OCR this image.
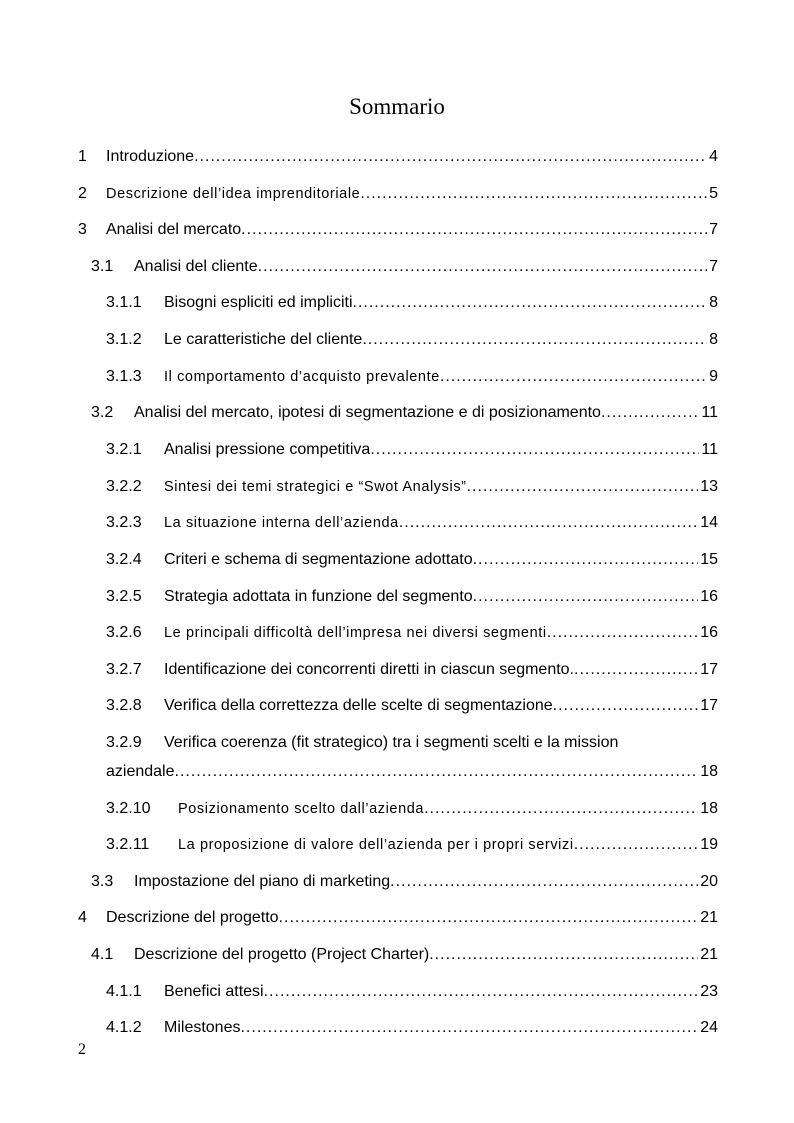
Sommario
1 Introduzione .....	4
2 Descrizione dell’idea imprenditoriale .....	5
3 Analisi del mercato .....	7
3.1 Analisi del cliente .....	7
3.1.1 Bisogni espliciti ed impliciti .....	8
3.1.2 Le caratteristiche del cliente .....	8
3.1.3 Il comportamento d’acquisto prevalente .....	9
3.2 Analisi del mercato, ipotesi di segmentazione e di posizionamento .....	11
3.2.1 Analisi pressione competitiva .....	11
3.2.2 Sintesi dei temi strategici e “Swot Analysis” .....	13
3.2.3 La situazione interna dell’azienda .....	14
3.2.4 Criteri e schema di segmentazione adottato .....	15
3.2.5 Strategia adottata in funzione del segmento .....	16
3.2.6 Le principali difficoltà dell’impresa nei diversi segmenti .....	16
3.2.7 Identificazione dei concorrenti diretti in ciascun segmento. .....	17
3.2.8 Verifica della correttezza delle scelte di segmentazione .....	17
3.2.9 Verifica coerenza (fit strategico) tra i segmenti scelti e la mission
aziendale .....	18
3.2.10 Posizionamento scelto dall’azienda .....	18
3.2.11 La proposizione di valore dell’azienda per i propri servizi .....	19
3.3 Impostazione del piano di marketing .....	20
4 Descrizione del progetto .....	21
4.1 Descrizione del progetto (Project Charter) .....	21
4.1.1 Benefici attesi .....	23
4.1.2 Milestones .....	24
2
